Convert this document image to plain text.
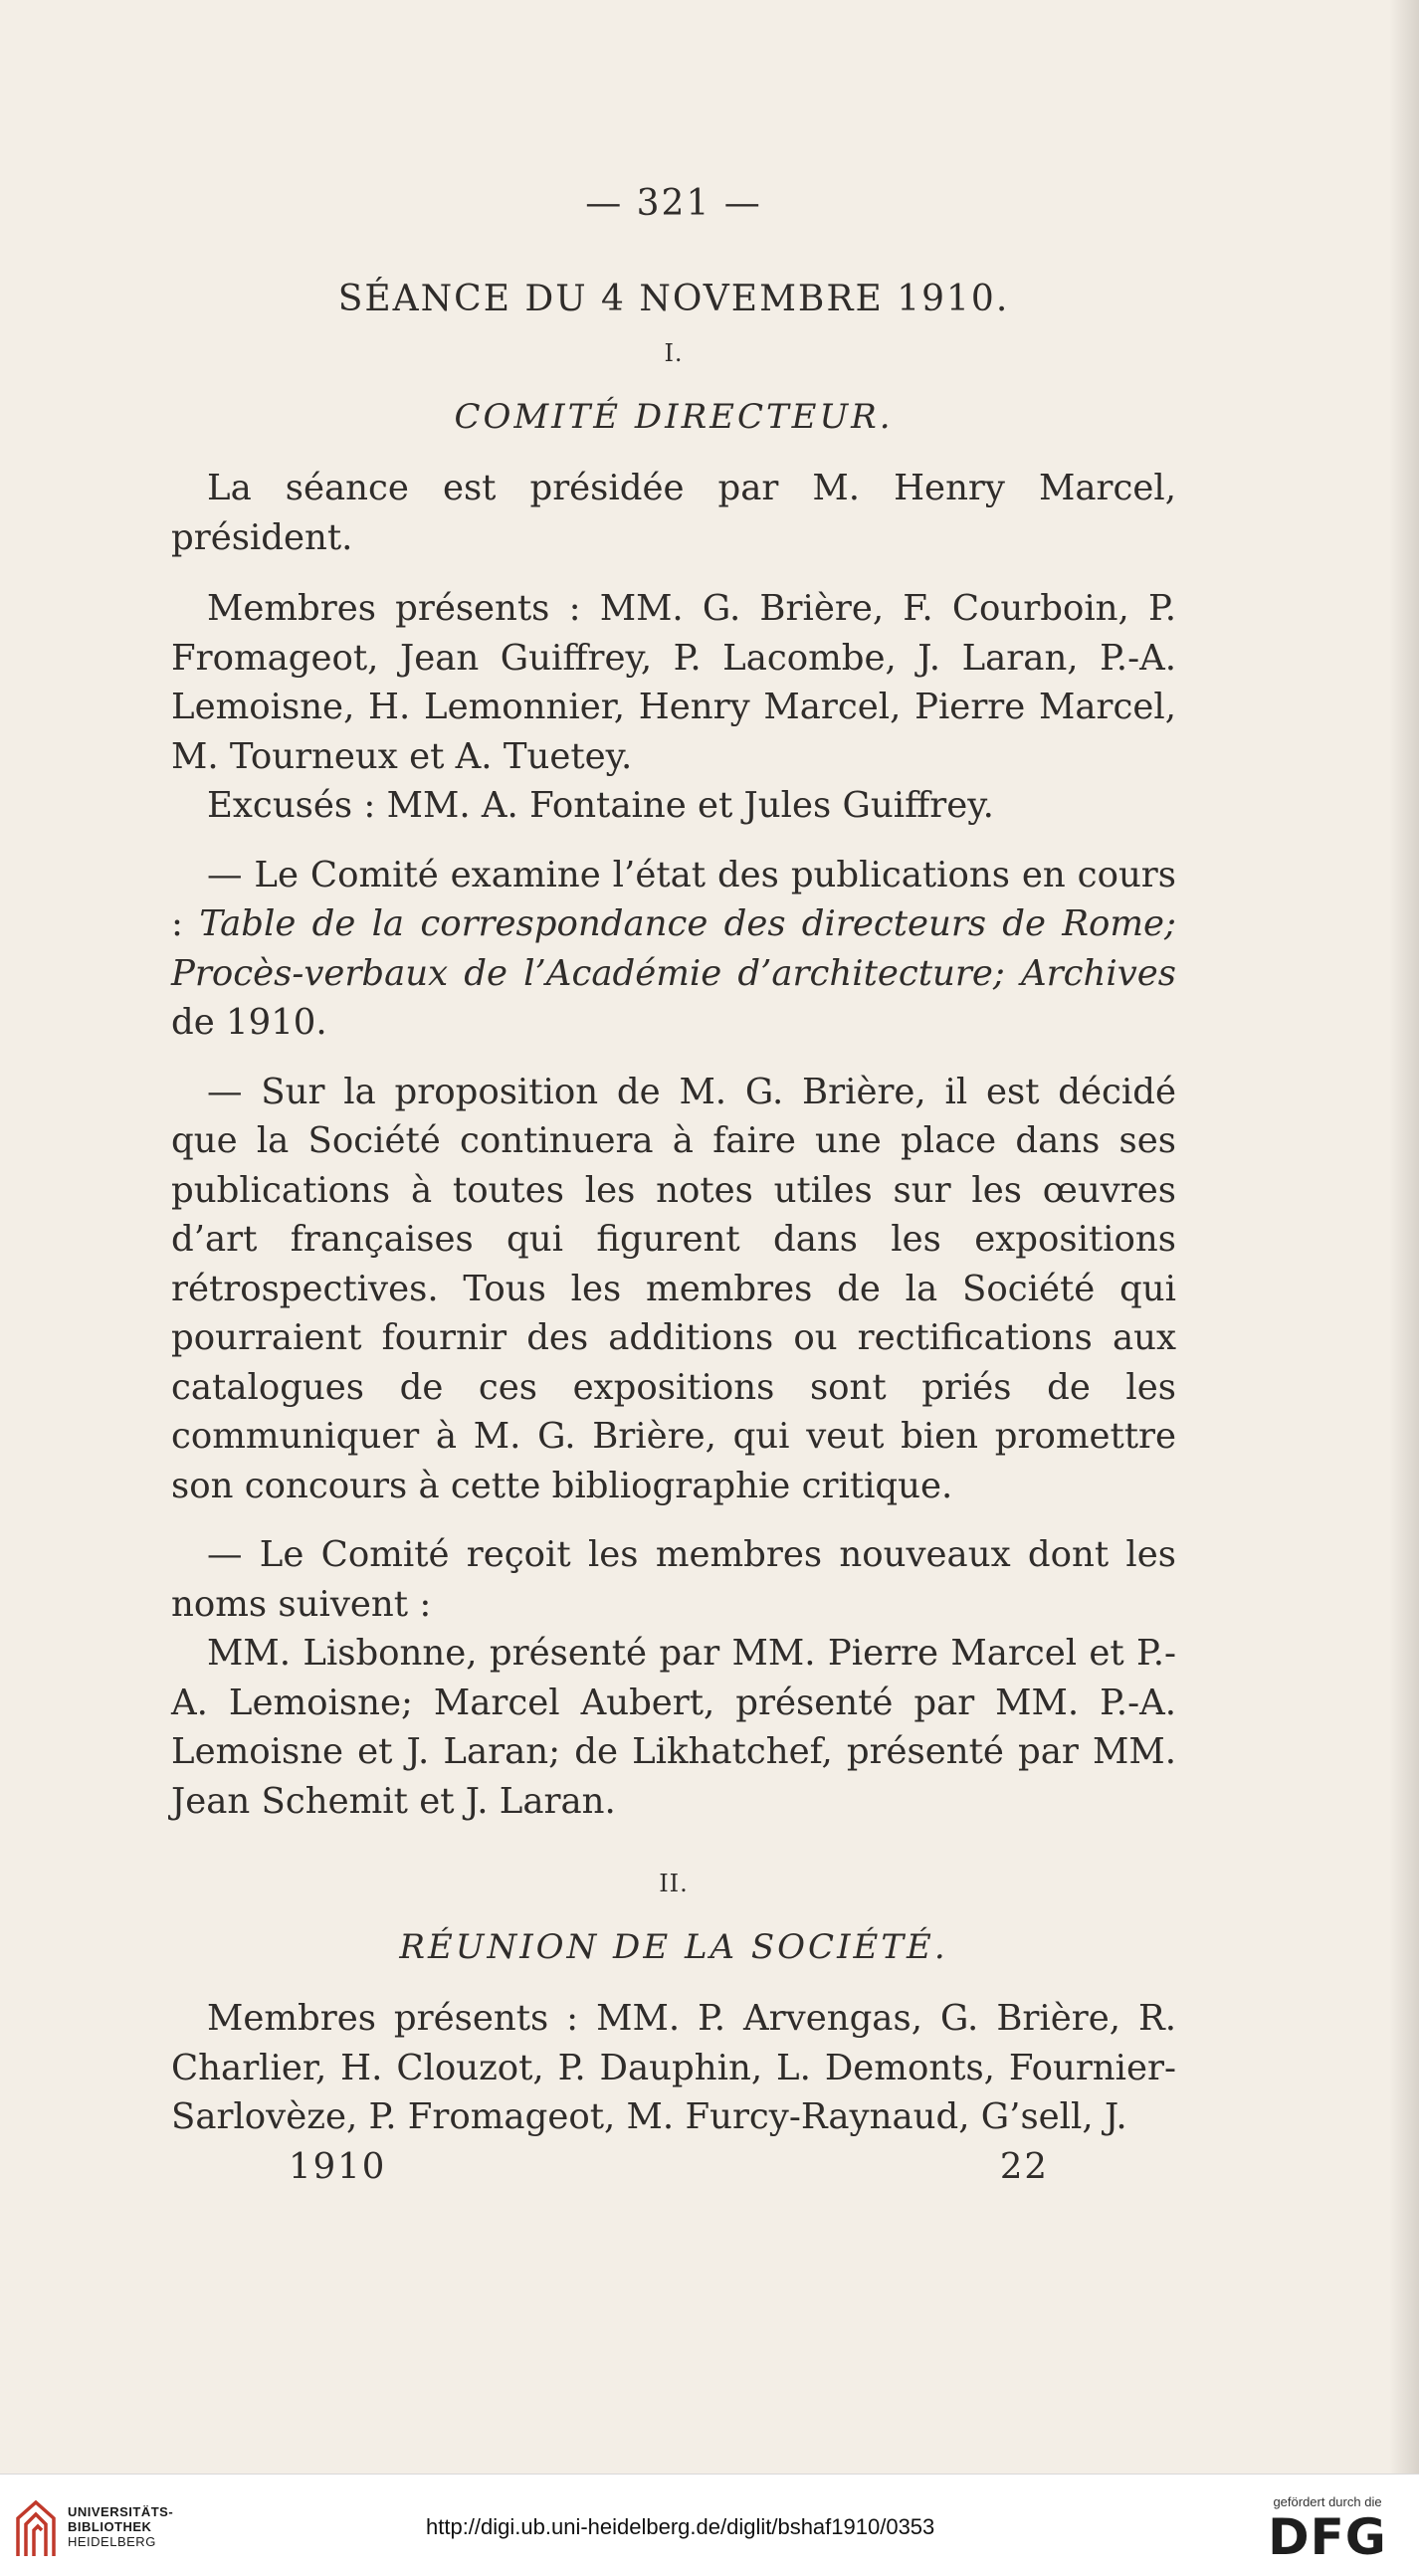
— 321 —
SÉANCE DU 4 NOVEMBRE 1910.
I.
COMITÉ DIRECTEUR.

La séance est présidée par M. Henry Marcel, président.

Membres présents : MM. G. Brière, F. Courboin, P. Fromageot, Jean Guiffrey, P. Lacombe, J. Laran, P.-A. Lemoisne, H. Lemonnier, Henry Marcel, Pierre Marcel, M. Tourneux et A. Tuetey.

Excusés : MM. A. Fontaine et Jules Guiffrey.

— Le Comité examine l’état des publications en cours : Table de la correspondance des directeurs de Rome; Procès-verbaux de l’Académie d’architecture; Archives de 1910.

— Sur la proposition de M. G. Brière, il est décidé que la Société continuera à faire une place dans ses publications à toutes les notes utiles sur les œuvres d’art françaises qui figurent dans les expositions rétrospectives. Tous les membres de la Société qui pourraient fournir des additions ou rectifications aux catalogues de ces expositions sont priés de les communiquer à M. G. Brière, qui veut bien promettre son concours à cette bibliographie critique.

— Le Comité reçoit les membres nouveaux dont les noms suivent :

MM. Lisbonne, présenté par MM. Pierre Marcel et P.-A. Lemoisne; Marcel Aubert, présenté par MM. P.-A. Lemoisne et J. Laran; de Likhatchef, présenté par MM. Jean Schemit et J. Laran.

II.
RÉUNION DE LA SOCIÉTÉ.

Membres présents : MM. P. Arvengas, G. Brière, R. Charlier, H. Clouzot, P. Dauphin, L. Demonts, Fournier-Sarlovèze, P. Fromageot, M. Furcy-Raynaud, G’sell, J.

1910	22
UNIVERSITÄTS-
BIBLIOTHEK
HEIDELBERG
http://digi.ub.uni-heidelberg.de/diglit/bshaf1910/0353
gefördert durch die
DFG
